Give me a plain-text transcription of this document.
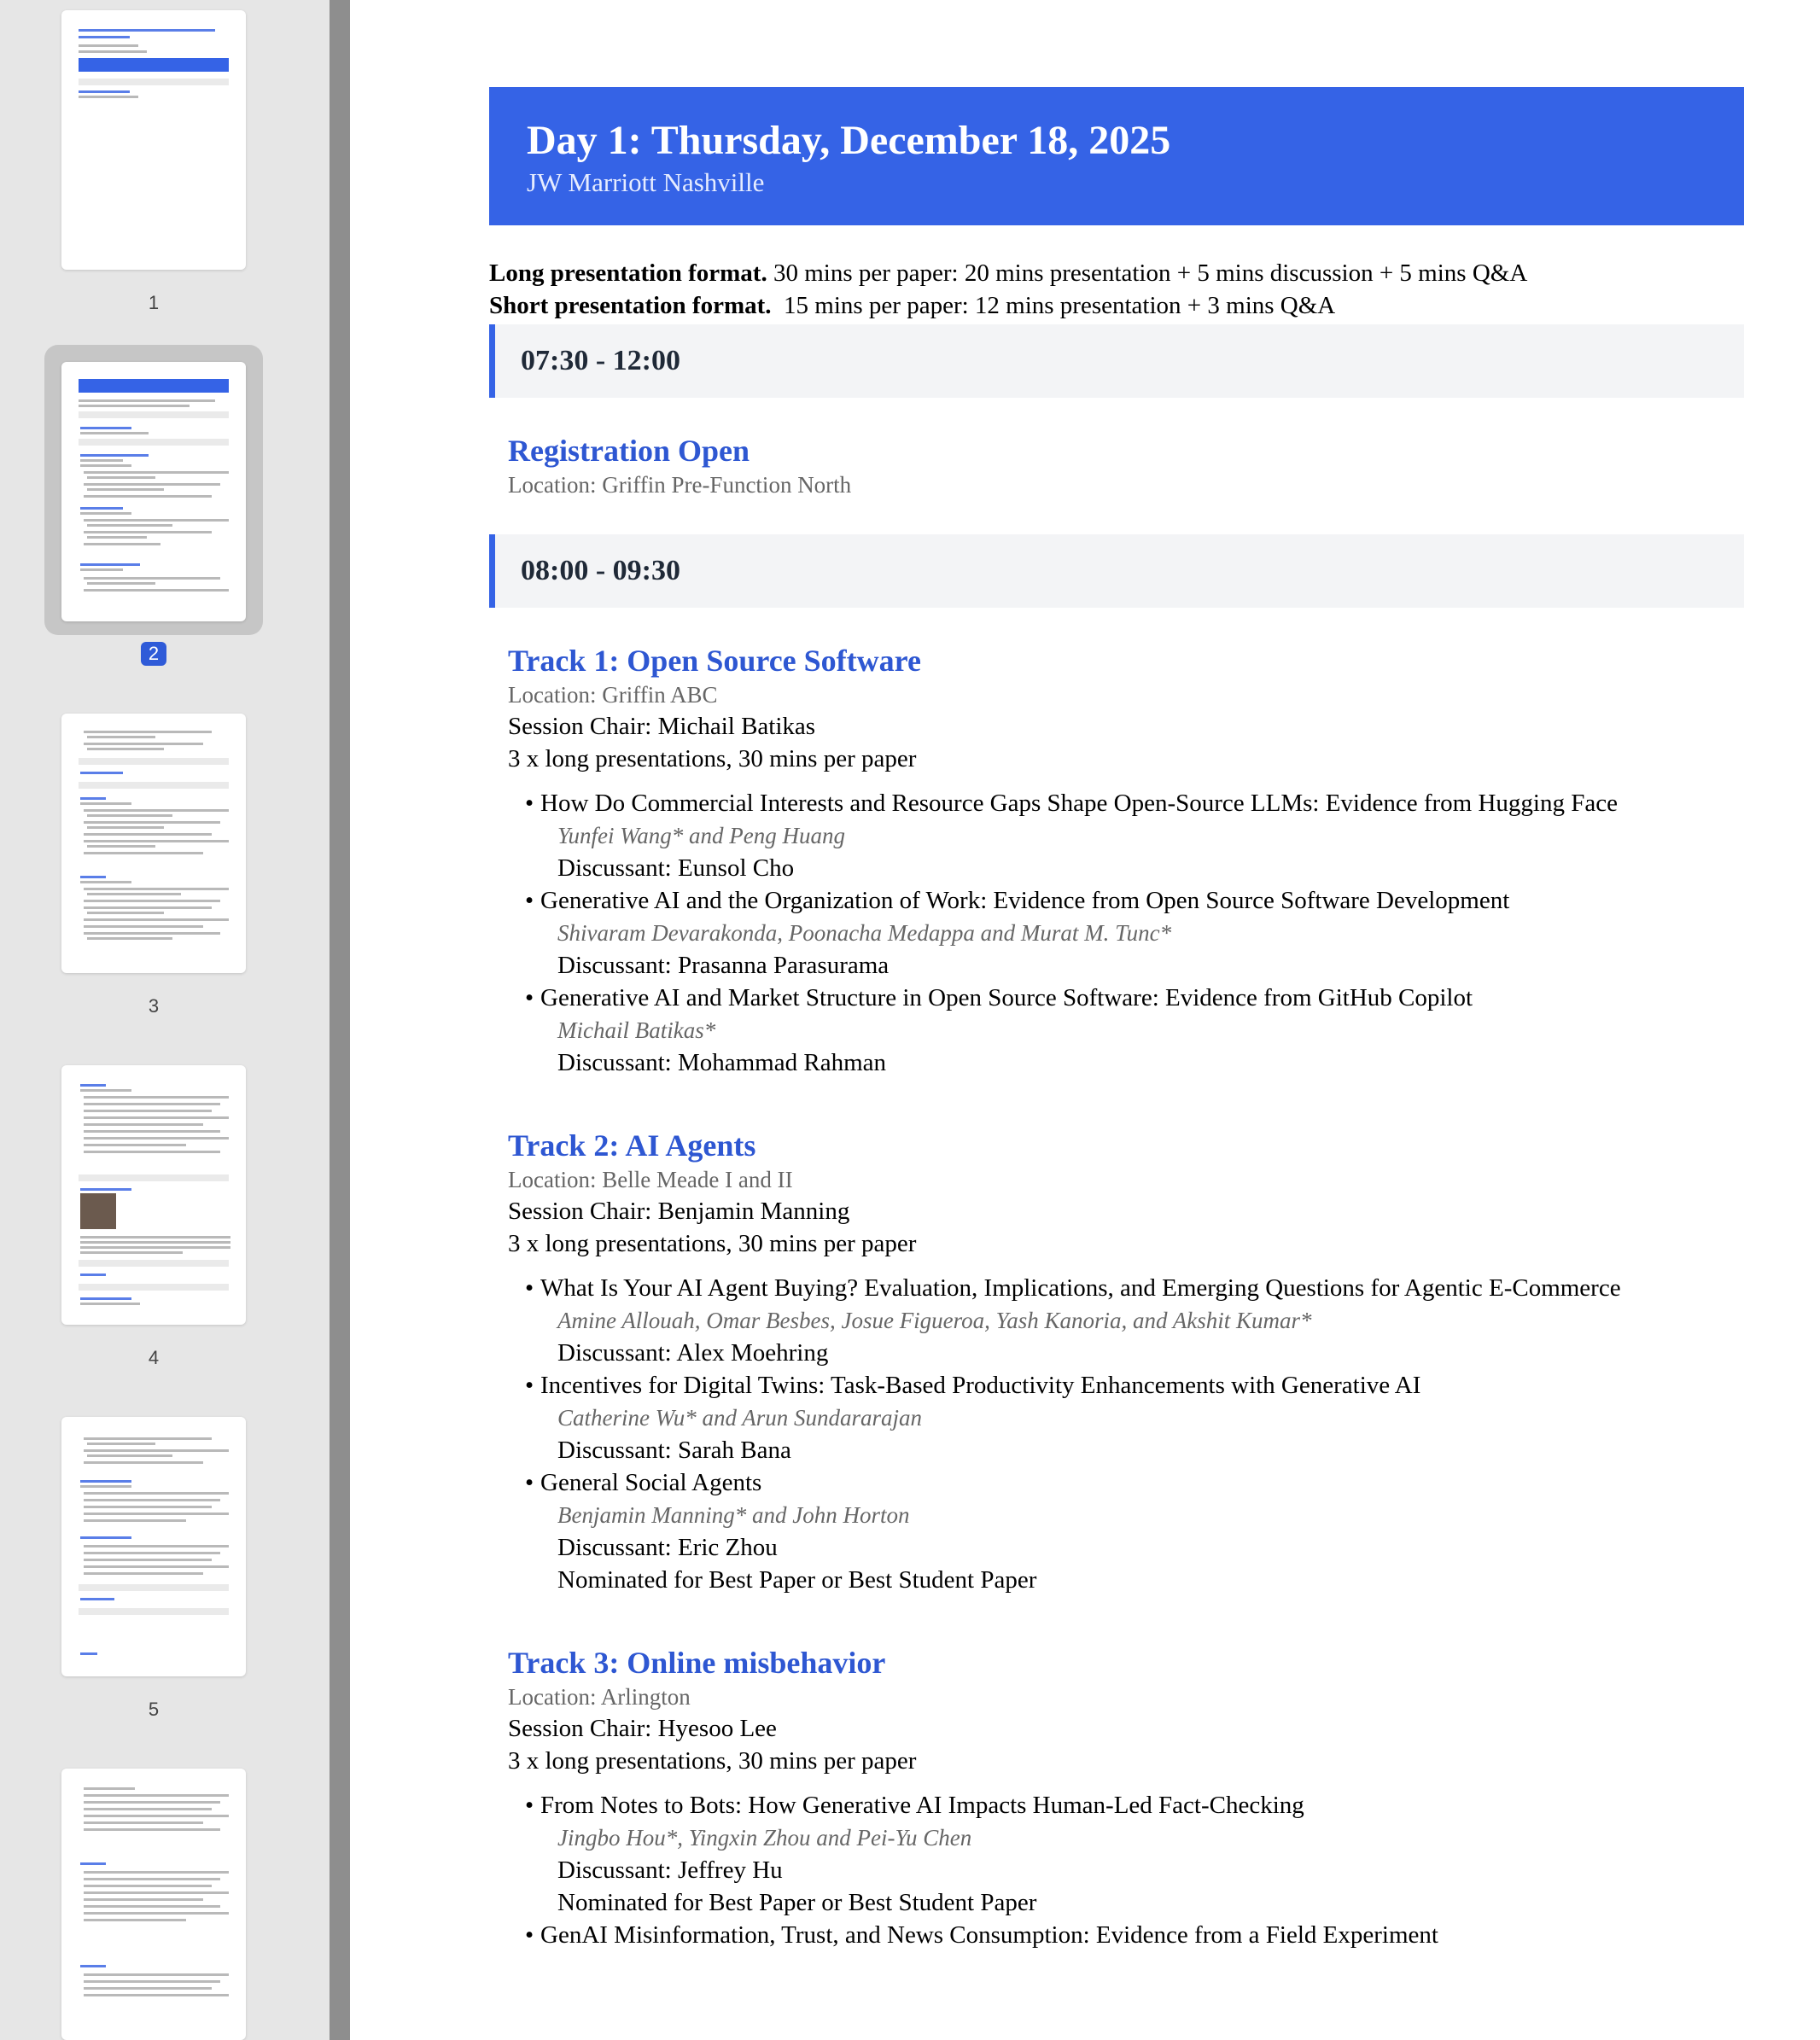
1
2
3
4
5
Day 1: Thursday, December 18, 2025
JW Marriott Nashville
Long presentation format. 30 mins per paper: 20 mins presentation + 5 mins discussion + 5 mins Q&A
Short presentation format.  15 mins per paper: 12 mins presentation + 3 mins Q&A
07:30 - 12:00
Registration Open
Location: Griffin Pre-Function North
08:00 - 09:30
Track 1: Open Source Software
Location: Griffin ABC
Session Chair: Michail Batikas
3 x long presentations, 30 mins per paper
• How Do Commercial Interests and Resource Gaps Shape Open-Source LLMs: Evidence from Hugging Face
Yunfei Wang* and Peng Huang
Discussant: Eunsol Cho
• Generative AI and the Organization of Work: Evidence from Open Source Software Development
Shivaram Devarakonda, Poonacha Medappa and Murat M. Tunc*
Discussant: Prasanna Parasurama
• Generative AI and Market Structure in Open Source Software: Evidence from GitHub Copilot
Michail Batikas*
Discussant: Mohammad Rahman
Track 2: AI Agents
Location: Belle Meade I and II
Session Chair: Benjamin Manning
3 x long presentations, 30 mins per paper
• What Is Your AI Agent Buying? Evaluation, Implications, and Emerging Questions for Agentic E-Commerce
Amine Allouah, Omar Besbes, Josue Figueroa, Yash Kanoria, and Akshit Kumar*
Discussant: Alex Moehring
• Incentives for Digital Twins: Task-Based Productivity Enhancements with Generative AI
Catherine Wu* and Arun Sundararajan
Discussant: Sarah Bana
• General Social Agents
Benjamin Manning* and John Horton
Discussant: Eric Zhou
Nominated for Best Paper or Best Student Paper
Track 3: Online misbehavior
Location: Arlington
Session Chair: Hyesoo Lee
3 x long presentations, 30 mins per paper
• From Notes to Bots: How Generative AI Impacts Human-Led Fact-Checking
Jingbo Hou*, Yingxin Zhou and Pei-Yu Chen
Discussant: Jeffrey Hu
Nominated for Best Paper or Best Student Paper
• GenAI Misinformation, Trust, and News Consumption: Evidence from a Field Experiment
